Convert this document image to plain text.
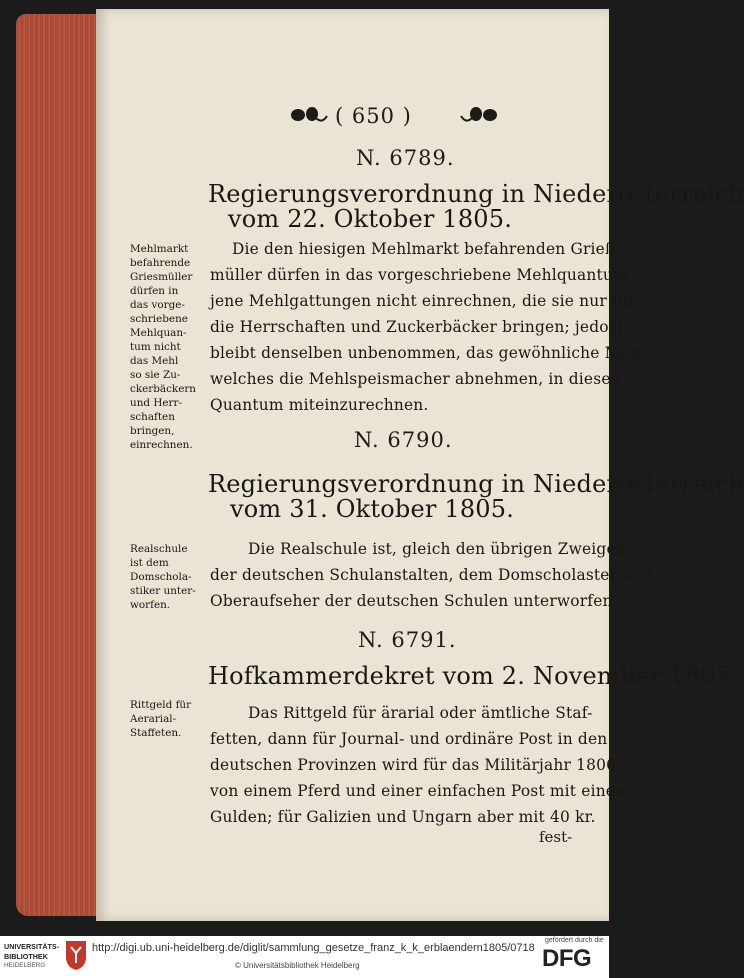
( 650 )
N. 6789.
Regierungsverordnung in Niederösterreich
vom 22. Oktober 1805.
Mehlmarkt
befahrende
Griesmüller
dürfen in
das vorge-
schriebene
Mehlquan-
tum nicht
das Mehl
so sie Zu-
ckerbäckern
und Herr-
schaften
bringen,
einrechnen.
Die den hiesigen Mehlmarkt befahrenden Grieß-
müller dürfen in das vorgeschriebene Mehlquantum
jene Mehlgattungen nicht einrechnen, die sie nur für
die Herrschaften und Zuckerbäcker bringen; jedoch
bleibt denselben unbenommen, das gewöhnliche Mehl,
welches die Mehlspeismacher abnehmen, in dieses
Quantum miteinzurechnen.
N. 6790.
Regierungsverordnung in Niederösterreich
vom 31. Oktober 1805.
Realschule
ist dem
Domschola-
stiker unter-
worfen.
Die Realschule ist, gleich den übrigen Zweigen
der deutschen Schulanstalten, dem Domscholaster und
Oberaufseher der deutschen Schulen unterworfen.
N. 6791.
Hofkammerdekret vom 2. November 1805.
Rittgeld für
Aerarial-
Staffeten.
Das Rittgeld für ärarial oder ämtliche Staf-
fetten, dann für Journal- und ordinäre Post in den
deutschen Provinzen wird für das Militärjahr 1806
von einem Pferd und einer einfachen Post mit einem
Gulden; für Galizien und Ungarn aber mit 40 kr.
fest-
UNIVERSITÄTS-
BIBLIOTHEK
HEIDELBERG
http://digi.ub.uni-heidelberg.de/diglit/sammlung_gesetze_franz_k_k_erblaendern1805/0718
© Universitätsbibliothek Heidelberg
gefördert durch die
DFG
